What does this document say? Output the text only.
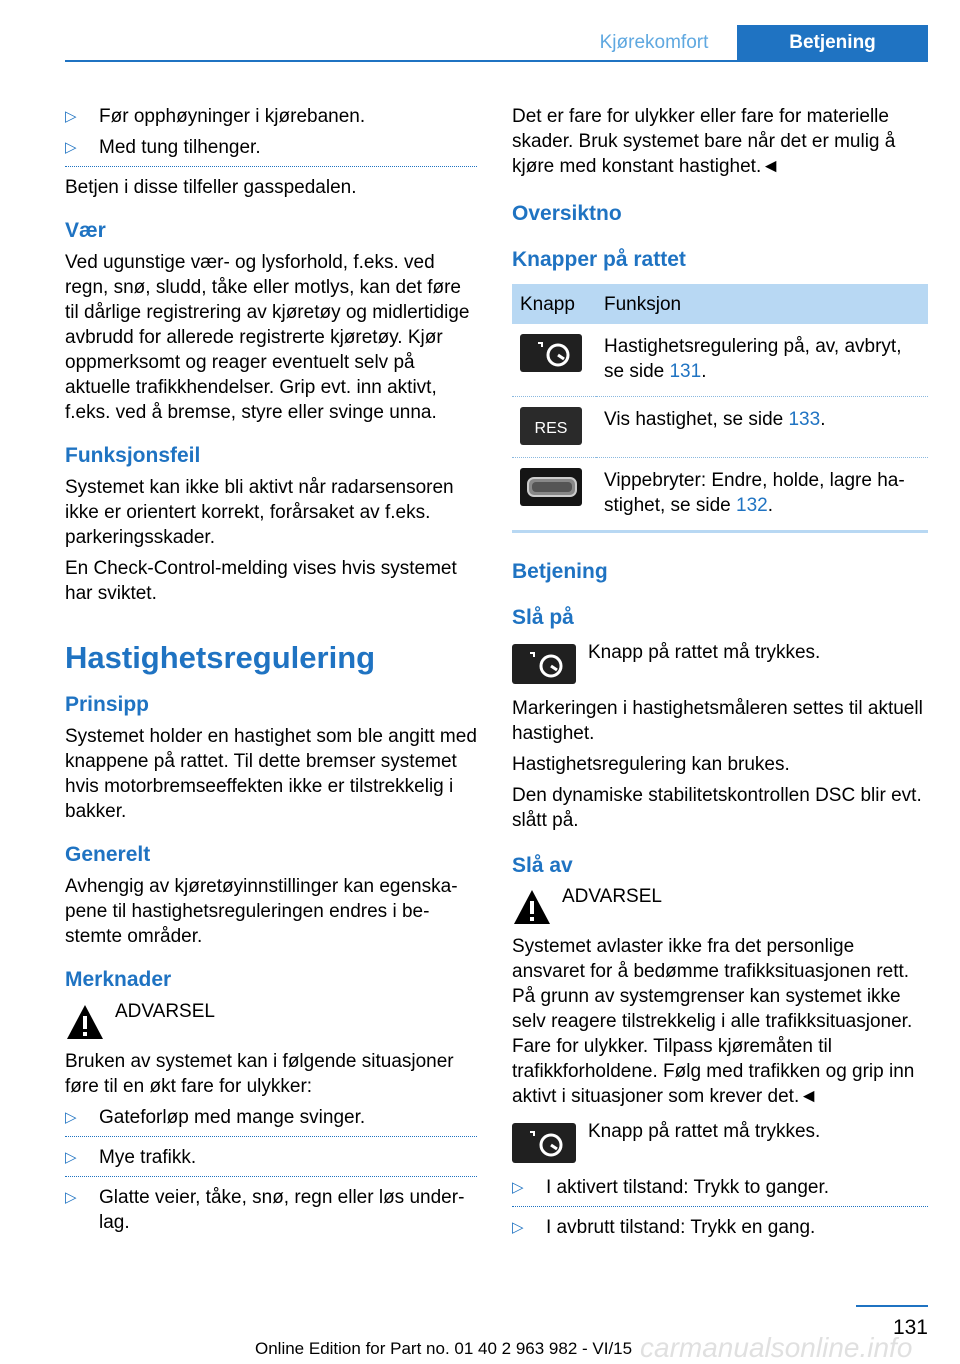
Kjørekomfort	Betjening
▷ Før opphøyninger i kjørebanen.
▷ Med tung tilhenger.

Betjen i disse tilfeller gasspedalen.

Vær

Ved ugunstige vær- og lysforhold, f.eks. ved regn, snø, sludd, tåke eller motlys, kan det føre til dårlige registrering av kjøretøy og midlertidige avbrudd for allerede registrerte kjøretøy. Kjør oppmerksomt og reager eventuelt selv på aktuelle trafikkhendelser. Grip evt. inn aktivt, f.eks. ved å bremse, styre eller svinge unna.

Funksjonsfeil

Systemet kan ikke bli aktivt når radarsensoren ikke er orientert korrekt, forårsaket av f.eks. parkeringsskader.

En Check-Control-melding vises hvis systemet har sviktet.

Hastighetsregulering
Prinsipp

Systemet holder en hastighet som ble angitt med knappene på rattet. Til dette bremser systemet hvis motorbremseeffekten ikke er tilstrekkelig i bakker.

Generelt

Avhengig av kjøretøyinnstillinger kan egenskapene til hastighetsreguleringen endres i bestemte områder.

Merknader
ADVARSEL

Bruken av systemet kan i følgende situasjoner føre til en økt fare for ulykker:

▷ Gateforløp med mange svinger.
▷ Mye trafikk.
▷ Glatte veier, tåke, snø, regn eller løs underlag.

Det er fare for ulykker eller fare for materielle skader. Bruk systemet bare når det er mulig å kjøre med konstant hastighet.◄

Oversiktno
Knapper på rattet
Knapp	Funksjon

	Hastighetsregulering på, av, avbryt, se side 131.

RES	Vis hastighet, se side 133.

	Vippebryter: Endre, holde, lagre hastighet, se side 132.
Betjening
Slå på
Knapp på rattet må trykkes.

Markeringen i hastighetsmåleren settes til aktuell hastighet.

Hastighetsregulering kan brukes.

Den dynamiske stabilitetskontrollen DSC blir evt. slått på.

Slå av
ADVARSEL

Systemet avlaster ikke fra det personlige ansvaret for å bedømme trafikksituasjonen rett. På grunn av systemgrenser kan systemet ikke selv reagere tilstrekkelig i alle trafikksituasjoner. Fare for ulykker. Tilpass kjøremåten til trafikkforholdene. Følg med trafikken og grip inn aktivt i situasjoner som krever det.◄

Knapp på rattet må trykkes.
▷ I aktivert tilstand: Trykk to ganger.
▷ I avbrutt tilstand: Trykk en gang.
131
Online Edition for Part no. 01 40 2 963 982 - VI/15 carmanualsonline.info
